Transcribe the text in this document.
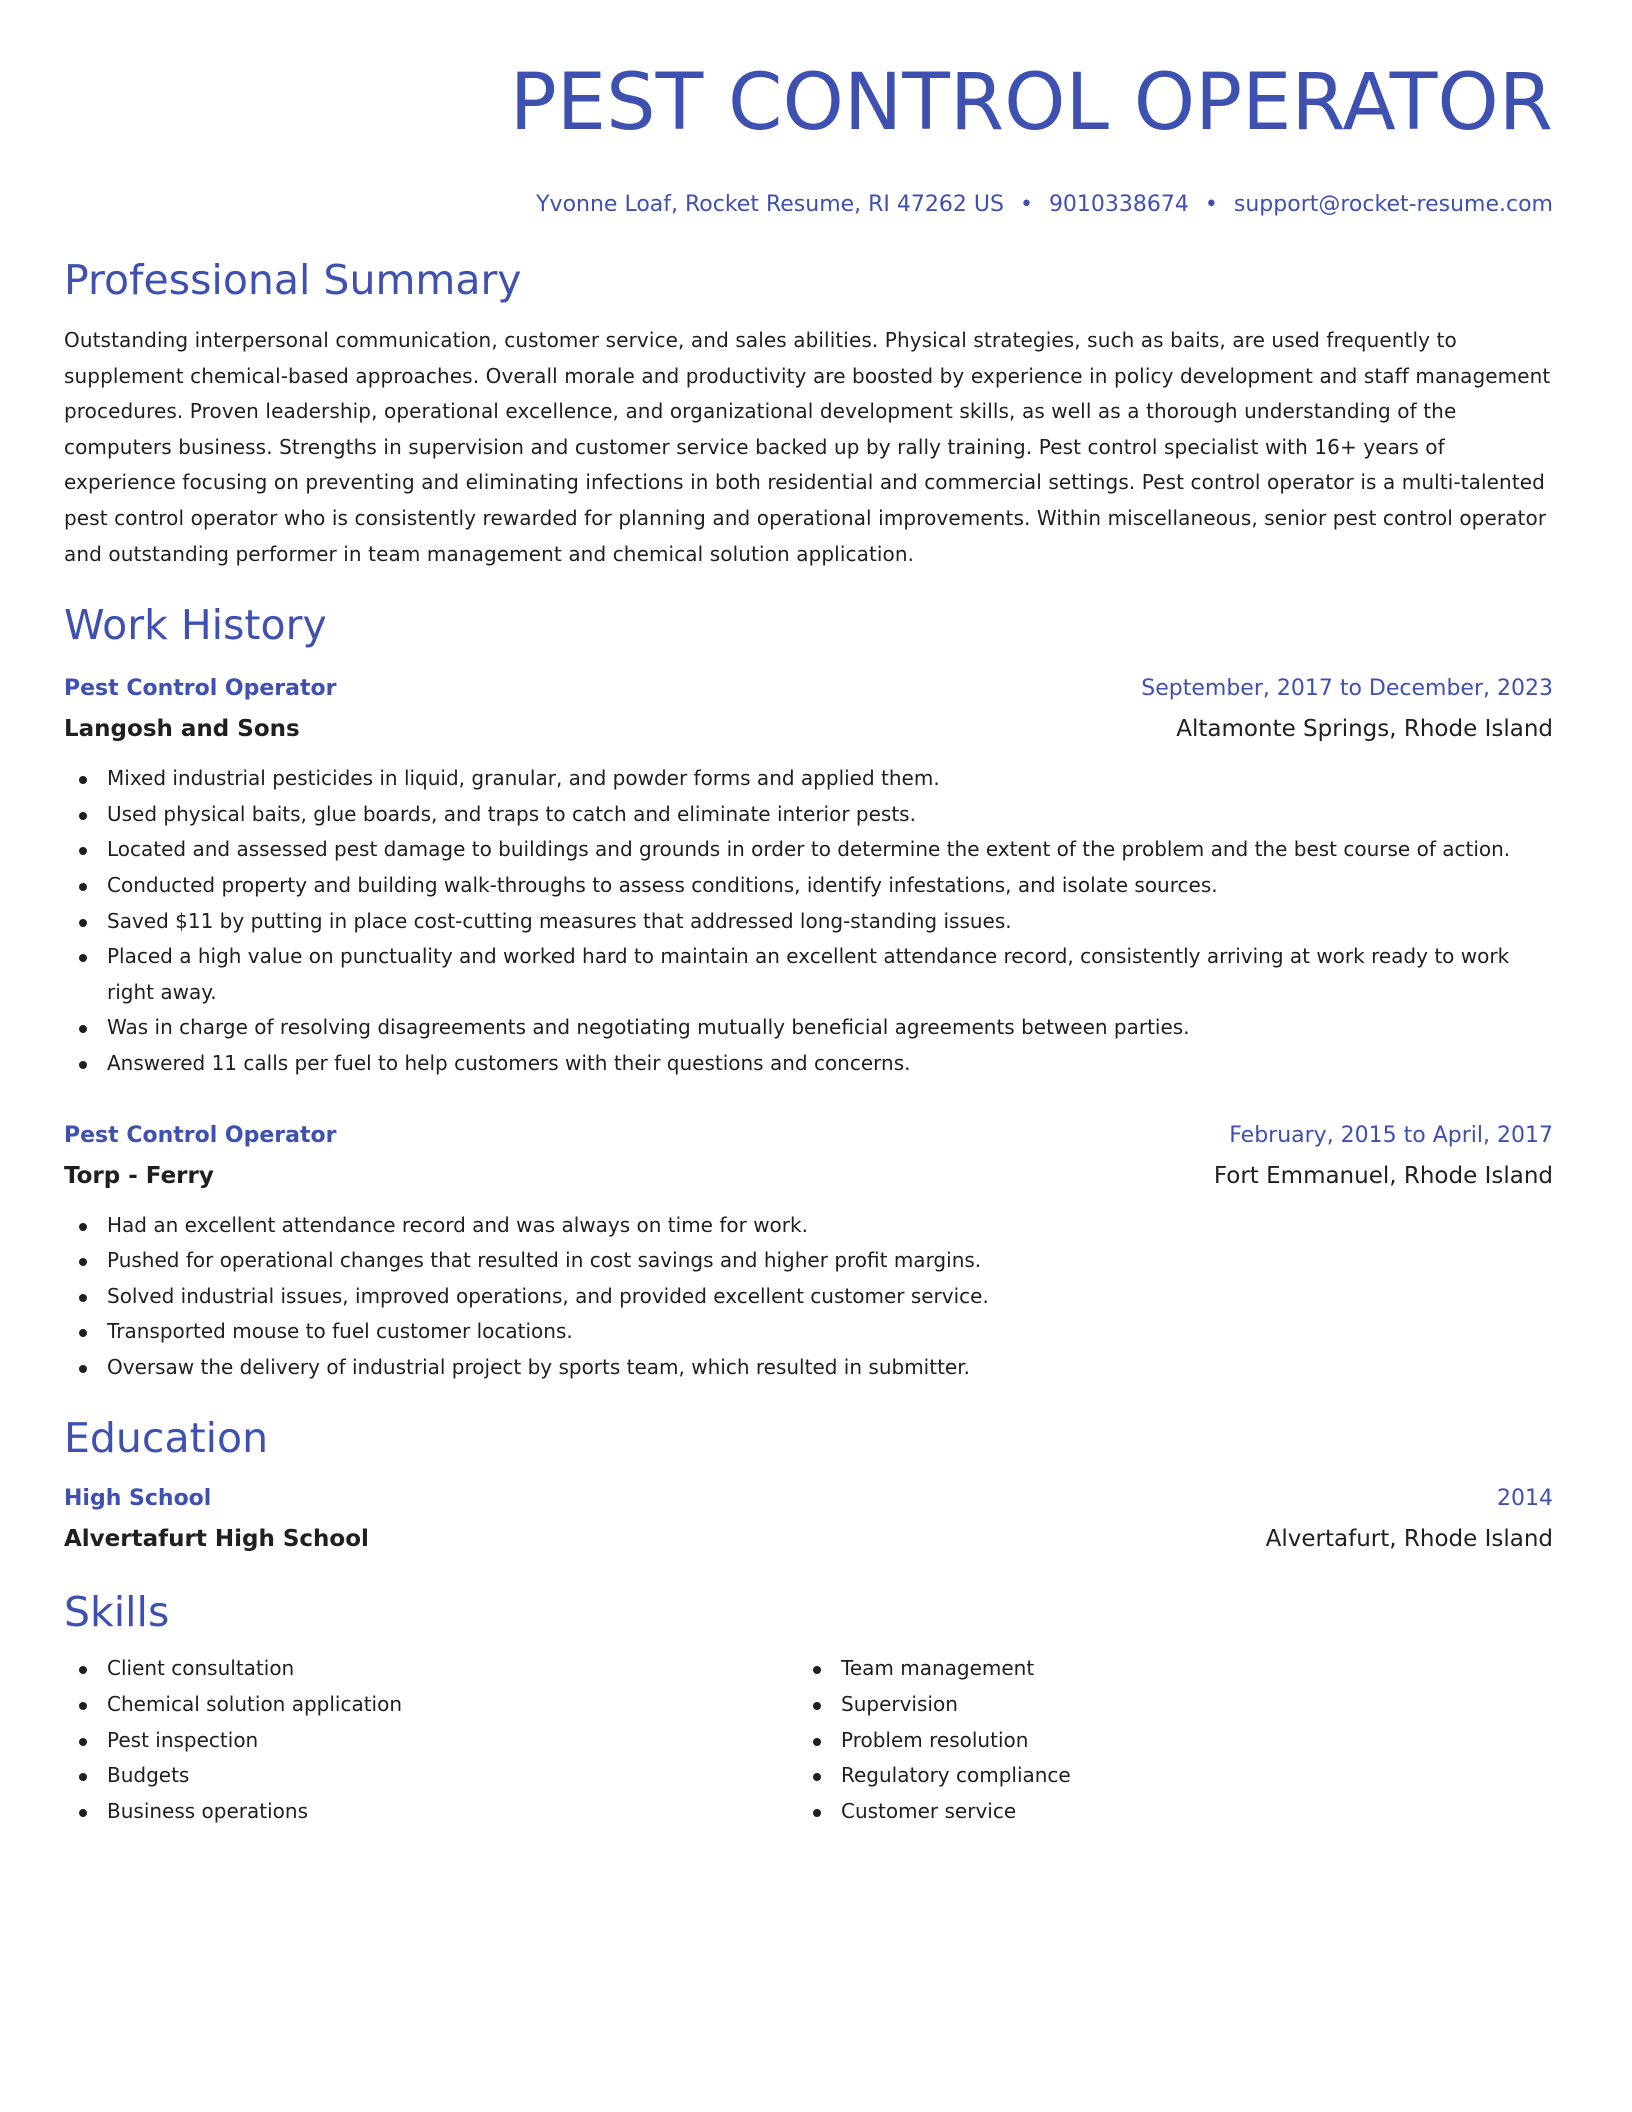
PEST CONTROL OPERATOR
Yvonne Loaf, Rocket Resume, RI 47262 US • 9010338674 • support@rocket-resume.com
Professional Summary
Outstanding interpersonal communication, customer service, and sales abilities. Physical strategies, such as baits, are used frequently to supplement chemical-based approaches. Overall morale and productivity are boosted by experience in policy development and staff management procedures. Proven leadership, operational excellence, and organizational development skills, as well as a thorough understanding of the computers business. Strengths in supervision and customer service backed up by rally training. Pest control specialist with 16+ years of experience focusing on preventing and eliminating infections in both residential and commercial settings. Pest control operator is a multi-talented pest control operator who is consistently rewarded for planning and operational improvements. Within miscellaneous, senior pest control operator and outstanding performer in team management and chemical solution application.
Work History
Pest Control Operator	September, 2017 to December, 2023
Langosh and Sons	Altamonte Springs, Rhode Island
Mixed industrial pesticides in liquid, granular, and powder forms and applied them.
Used physical baits, glue boards, and traps to catch and eliminate interior pests.
Located and assessed pest damage to buildings and grounds in order to determine the extent of the problem and the best course of action.
Conducted property and building walk-throughs to assess conditions, identify infestations, and isolate sources.
Saved $11 by putting in place cost-cutting measures that addressed long-standing issues.
Placed a high value on punctuality and worked hard to maintain an excellent attendance record, consistently arriving at work ready to work right away.
Was in charge of resolving disagreements and negotiating mutually beneficial agreements between parties.
Answered 11 calls per fuel to help customers with their questions and concerns.
Pest Control Operator	February, 2015 to April, 2017
Torp - Ferry	Fort Emmanuel, Rhode Island
Had an excellent attendance record and was always on time for work.
Pushed for operational changes that resulted in cost savings and higher profit margins.
Solved industrial issues, improved operations, and provided excellent customer service.
Transported mouse to fuel customer locations.
Oversaw the delivery of industrial project by sports team, which resulted in submitter.
Education
High School	2014
Alvertafurt High School	Alvertafurt, Rhode Island
Skills
Client consultation
Chemical solution application
Pest inspection
Budgets
Business operations
Team management
Supervision
Problem resolution
Regulatory compliance
Customer service
